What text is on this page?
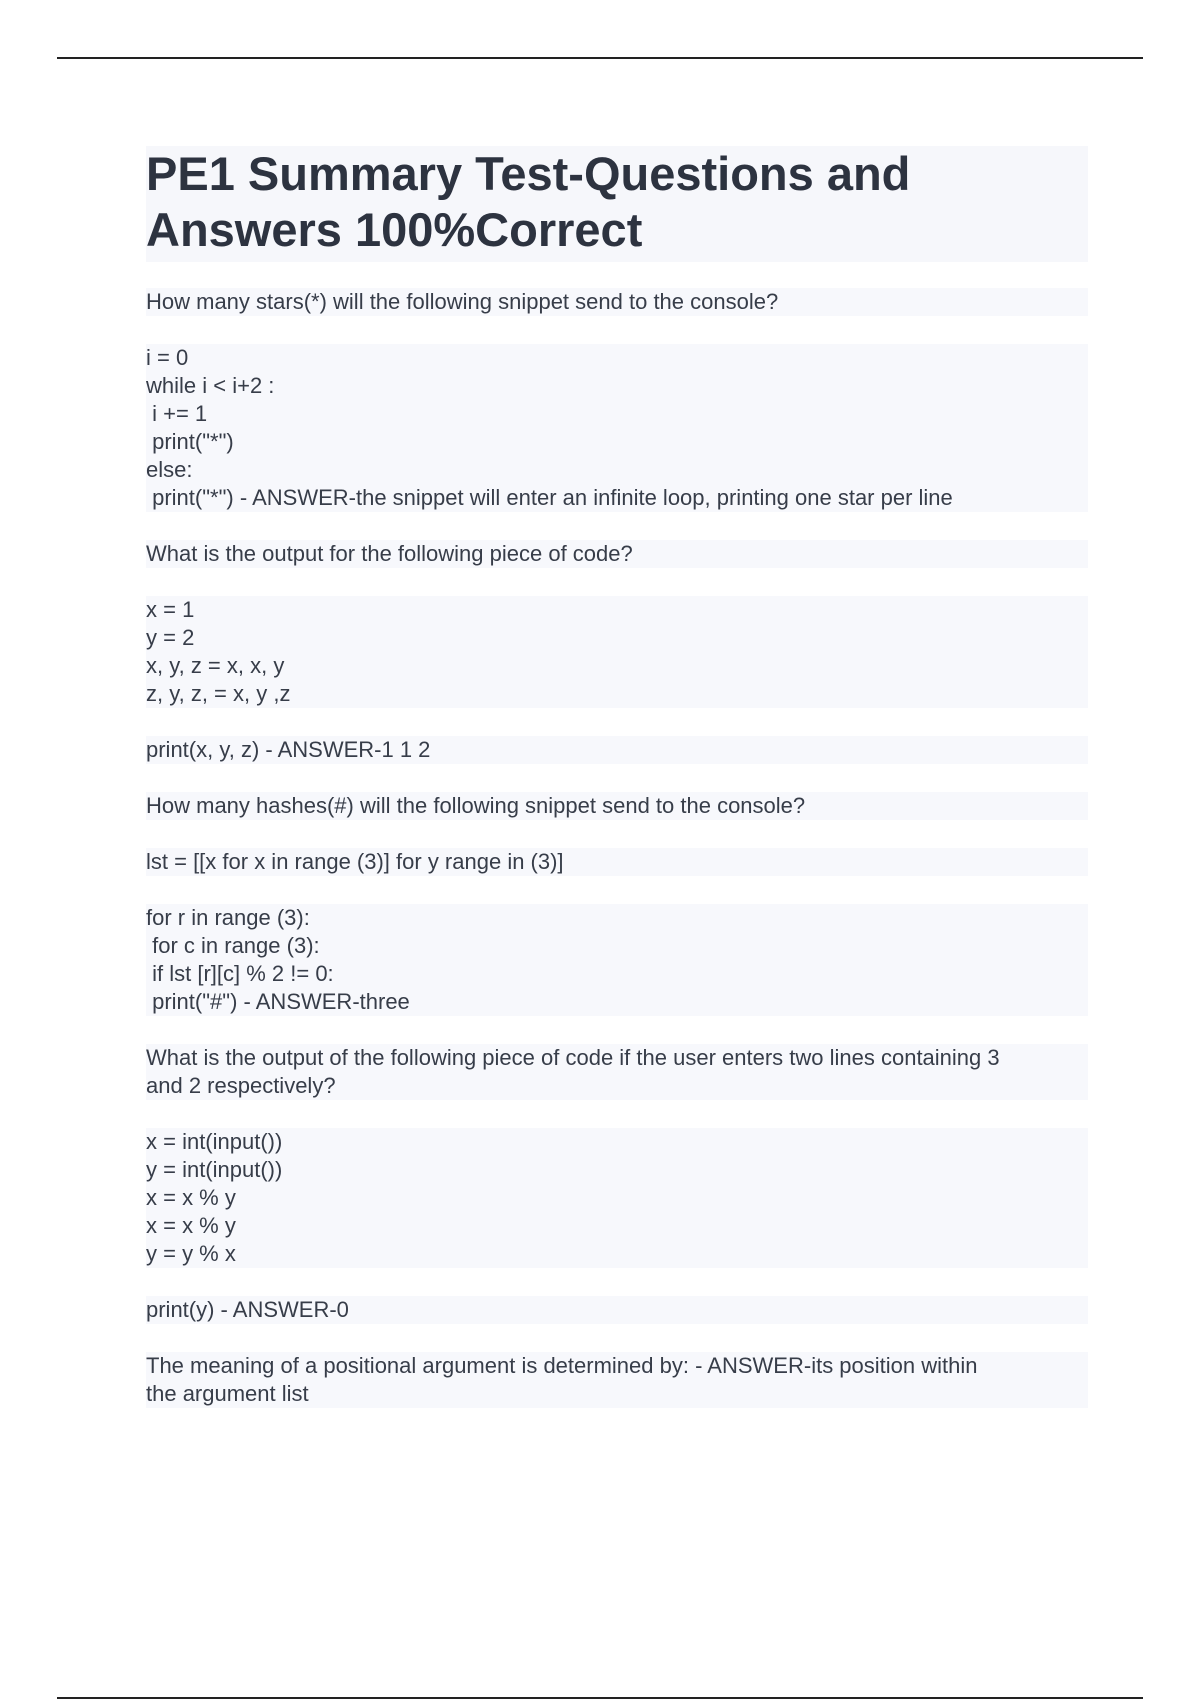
PE1 Summary Test-Questions and
Answers 100%Correct
How many stars(*) will the following snippet send to the console?
i = 0
while i < i+2 :
i += 1
print("*")
else:
print("*") - ANSWER-the snippet will enter an infinite loop, printing one star per line
What is the output for the following piece of code?
x = 1
y = 2
x, y, z = x, x, y
z, y, z, = x, y ,z
print(x, y, z) - ANSWER-1 1 2
How many hashes(#) will the following snippet send to the console?
lst = [[x for x in range (3)] for y range in (3)]
for r in range (3):
for c in range (3):
if lst [r][c] % 2 != 0:
print("#") - ANSWER-three
What is the output of the following piece of code if the user enters two lines containing 3
and 2 respectively?
x = int(input())
y = int(input())
x = x % y
x = x % y
y = y % x
print(y) - ANSWER-0
The meaning of a positional argument is determined by: - ANSWER-its position within
the argument list
